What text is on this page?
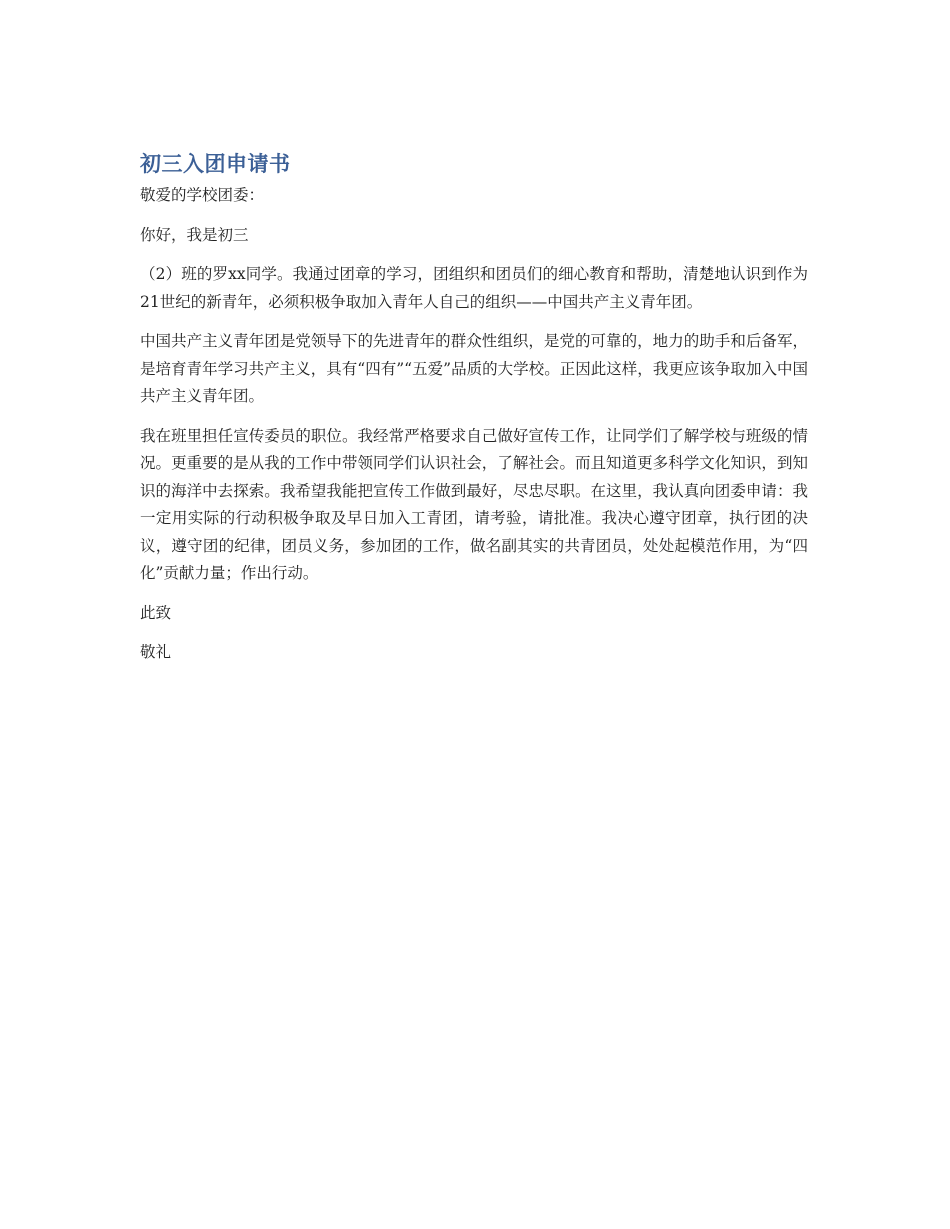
初三入团申请书

敬爱的学校团委：

你好，我是初三

（2）班的罗xx同学。我通过团章的学习，团组织和团员们的细心教育和帮助，清楚地认识到作为21世纪的新青年，必须积极争取加入青年人自己的组织——中国共产主义青年团。

中国共产主义青年团是党领导下的先进青年的群众性组织，是党的可靠的，地力的助手和后备军，是培育青年学习共产主义，具有“四有”“五爱”品质的大学校。正因此这样，我更应该争取加入中国共产主义青年团。

我在班里担任宣传委员的职位。我经常严格要求自己做好宣传工作，让同学们了解学校与班级的情况。更重要的是从我的工作中带领同学们认识社会，了解社会。而且知道更多科学文化知识，到知识的海洋中去探索。我希望我能把宣传工作做到最好，尽忠尽职。在这里，我认真向团委申请：我一定用实际的行动积极争取及早日加入工青团，请考验，请批准。我决心遵守团章，执行团的决议，遵守团的纪律，团员义务，参加团的工作，做名副其实的共青团员，处处起模范作用，为“四化”贡献力量；作出行动。

此致

敬礼
